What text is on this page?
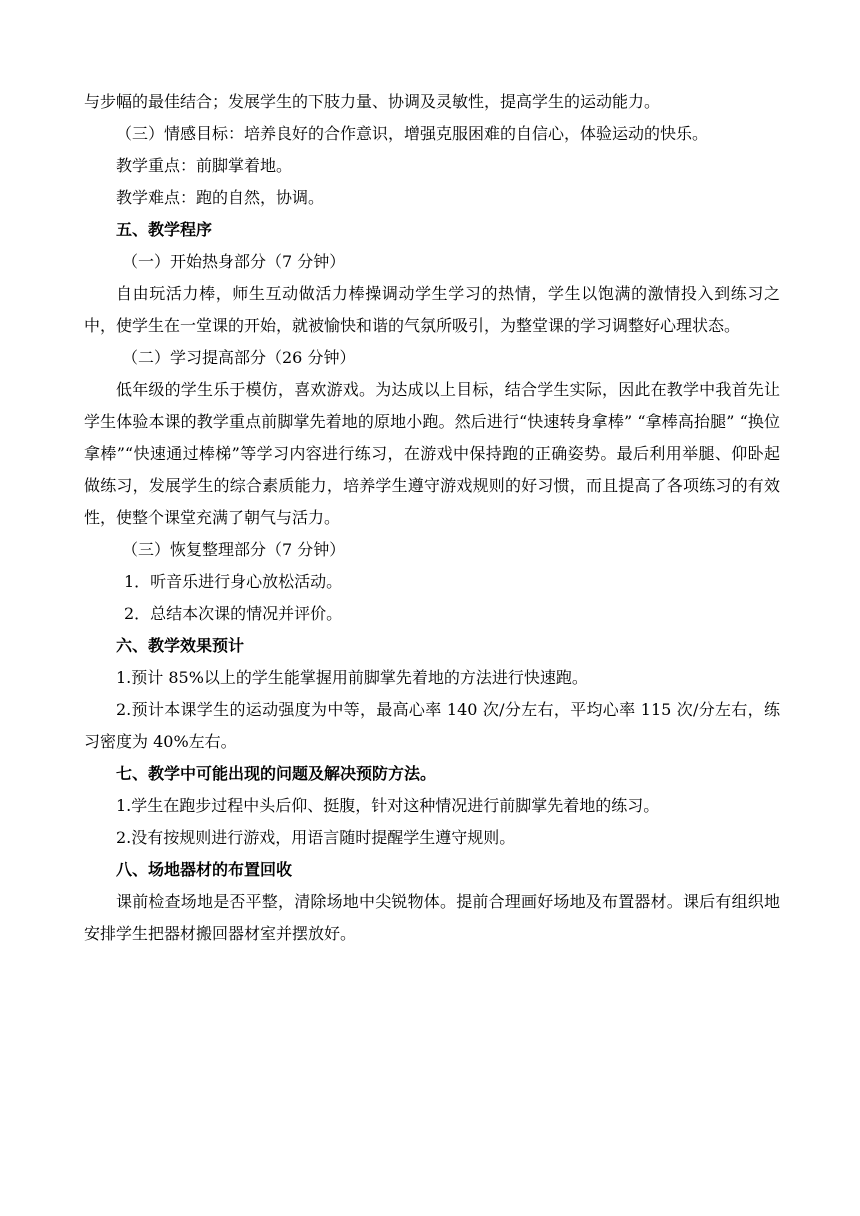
与步幅的最佳结合；发展学生的下肢力量、协调及灵敏性，提高学生的运动能力。

（三）情感目标：培养良好的合作意识，增强克服困难的自信心，体验运动的快乐。

教学重点：前脚掌着地。

教学难点：跑的自然，协调。

五、教学程序

（一）开始热身部分（7 分钟）

自由玩活力棒，师生互动做活力棒操调动学生学习的热情，学生以饱满的激情投入到练习之中，使学生在一堂课的开始，就被愉快和谐的气氛所吸引，为整堂课的学习调整好心理状态。

（二）学习提高部分（26 分钟）

低年级的学生乐于模仿，喜欢游戏。为达成以上目标，结合学生实际，因此在教学中我首先让学生体验本课的教学重点前脚掌先着地的原地小跑。然后进行“快速转身拿棒” “拿棒高抬腿” “换位拿棒”“快速通过棒梯”等学习内容进行练习，在游戏中保持跑的正确姿势。最后利用举腿、仰卧起做练习，发展学生的综合素质能力，培养学生遵守游戏规则的好习惯，而且提高了各项练习的有效性，使整个课堂充满了朝气与活力。

（三）恢复整理部分（7 分钟）

1．听音乐进行身心放松活动。

2．总结本次课的情况并评价。

六、教学效果预计

1.预计 85%以上的学生能掌握用前脚掌先着地的方法进行快速跑。

2.预计本课学生的运动强度为中等，最高心率 140 次/分左右，平均心率 115 次/分左右，练习密度为 40%左右。

七、教学中可能出现的问题及解决预防方法。

1.学生在跑步过程中头后仰、挺腹，针对这种情况进行前脚掌先着地的练习。

2.没有按规则进行游戏，用语言随时提醒学生遵守规则。

八、场地器材的布置回收

课前检查场地是否平整，清除场地中尖锐物体。提前合理画好场地及布置器材。课后有组织地安排学生把器材搬回器材室并摆放好。
